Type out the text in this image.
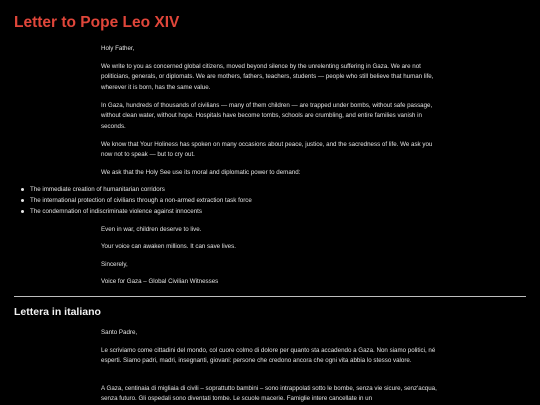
Letter to Pope Leo XIV

Holy Father,

We write to you as concerned global citizens, moved beyond silence by the unrelenting suffering in Gaza. We are not politicians, generals, or diplomats. We are mothers, fathers, teachers, students — people who still believe that human life, wherever it is born, has the same value.

In Gaza, hundreds of thousands of civilians — many of them children — are trapped under bombs, without safe passage, without clean water, without hope. Hospitals have become tombs, schools are crumbling, and entire families vanish in seconds.

We know that Your Holiness has spoken on many occasions about peace, justice, and the sacredness of life. We ask you now not to speak — but to cry out.

We ask that the Holy See use its moral and diplomatic power to demand:

The immediate creation of humanitarian corridors
The international protection of civilians through a non-armed extraction task force
The condemnation of indiscriminate violence against innocents

Even in war, children deserve to live.

Your voice can awaken millions. It can save lives.

Sincerely,

Voice for Gaza – Global Civilian Witnesses

Lettera in italiano

Santo Padre,

Le scriviamo come cittadini del mondo, col cuore colmo di dolore per quanto sta accadendo a Gaza. Non siamo politici, né esperti. Siamo padri, madri, insegnanti, giovani: persone che credono ancora che ogni vita abbia lo stesso valore.

A Gaza, centinaia di migliaia di civili – soprattutto bambini – sono intrappolati sotto le bombe, senza vie sicure, senz'acqua, senza futuro. Gli ospedali sono diventati tombe. Le scuole macerie. Famiglie intere cancellate in un
